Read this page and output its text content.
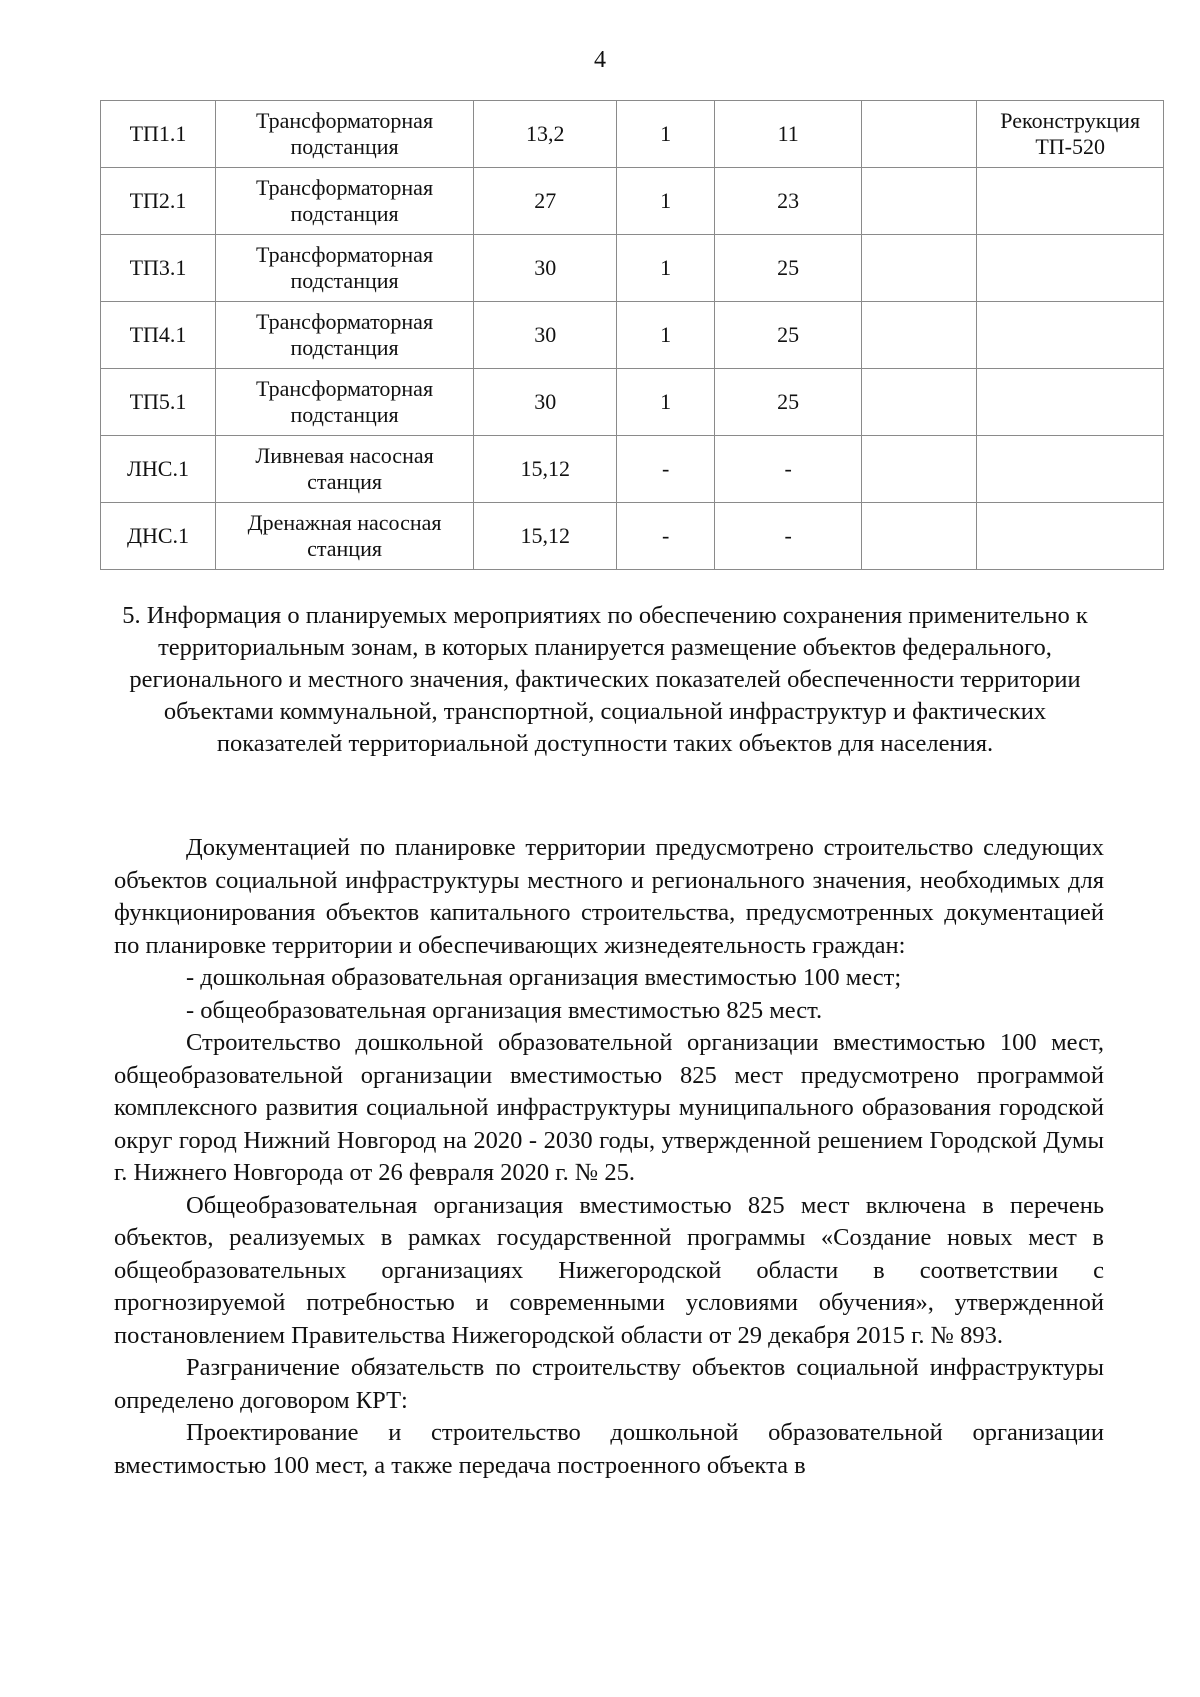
4
ТП1.1	Трансформаторная подстанция	13,2	1	11		Реконструкция ТП-520
ТП2.1	Трансформаторная подстанция	27	1	23		
ТП3.1	Трансформаторная подстанция	30	1	25		
ТП4.1	Трансформаторная подстанция	30	1	25		
ТП5.1	Трансформаторная подстанция	30	1	25		
ЛНС.1	Ливневая насосная станция	15,12	-	-		
ДНС.1	Дренажная насосная станция	15,12	-	-		
5. Информация о планируемых мероприятиях по обеспечению сохранения применительно к территориальным зонам, в которых планируется размещение объектов федерального, регионального и местного значения, фактических показателей обеспеченности территории объектами коммунальной, транспортной, социальной инфраструктур и фактических показателей территориальной доступности таких объектов для населения.

Документацией по планировке территории предусмотрено строительство следующих объектов социальной инфраструктуры местного и регионального значения, необходимых для функционирования объектов капитального строительства, предусмотренных документацией по планировке территории и обеспечивающих жизнедеятельность граждан:

- дошкольная образовательная организация вместимостью 100 мест;

- общеобразовательная организация вместимостью 825 мест.

Строительство дошкольной образовательной организации вместимостью 100 мест, общеобразовательной организации вместимостью 825 мест предусмотрено программой комплексного развития социальной инфраструктуры муниципального образования городской округ город Нижний Новгород на 2020 - 2030 годы, утвержденной решением Городской Думы г. Нижнего Новгорода от 26 февраля 2020 г. № 25.

Общеобразовательная организация вместимостью 825 мест включена в перечень объектов, реализуемых в рамках государственной программы «Создание новых мест в общеобразовательных организациях Нижегородской области в соответствии с прогнозируемой потребностью и современными условиями обучения», утвержденной постановлением Правительства Нижегородской области от 29 декабря 2015 г. № 893.

Разграничение обязательств по строительству объектов социальной инфраструктуры определено договором КРТ:

Проектирование и строительство дошкольной образовательной организации вместимостью 100 мест, а также передача построенного объекта в
